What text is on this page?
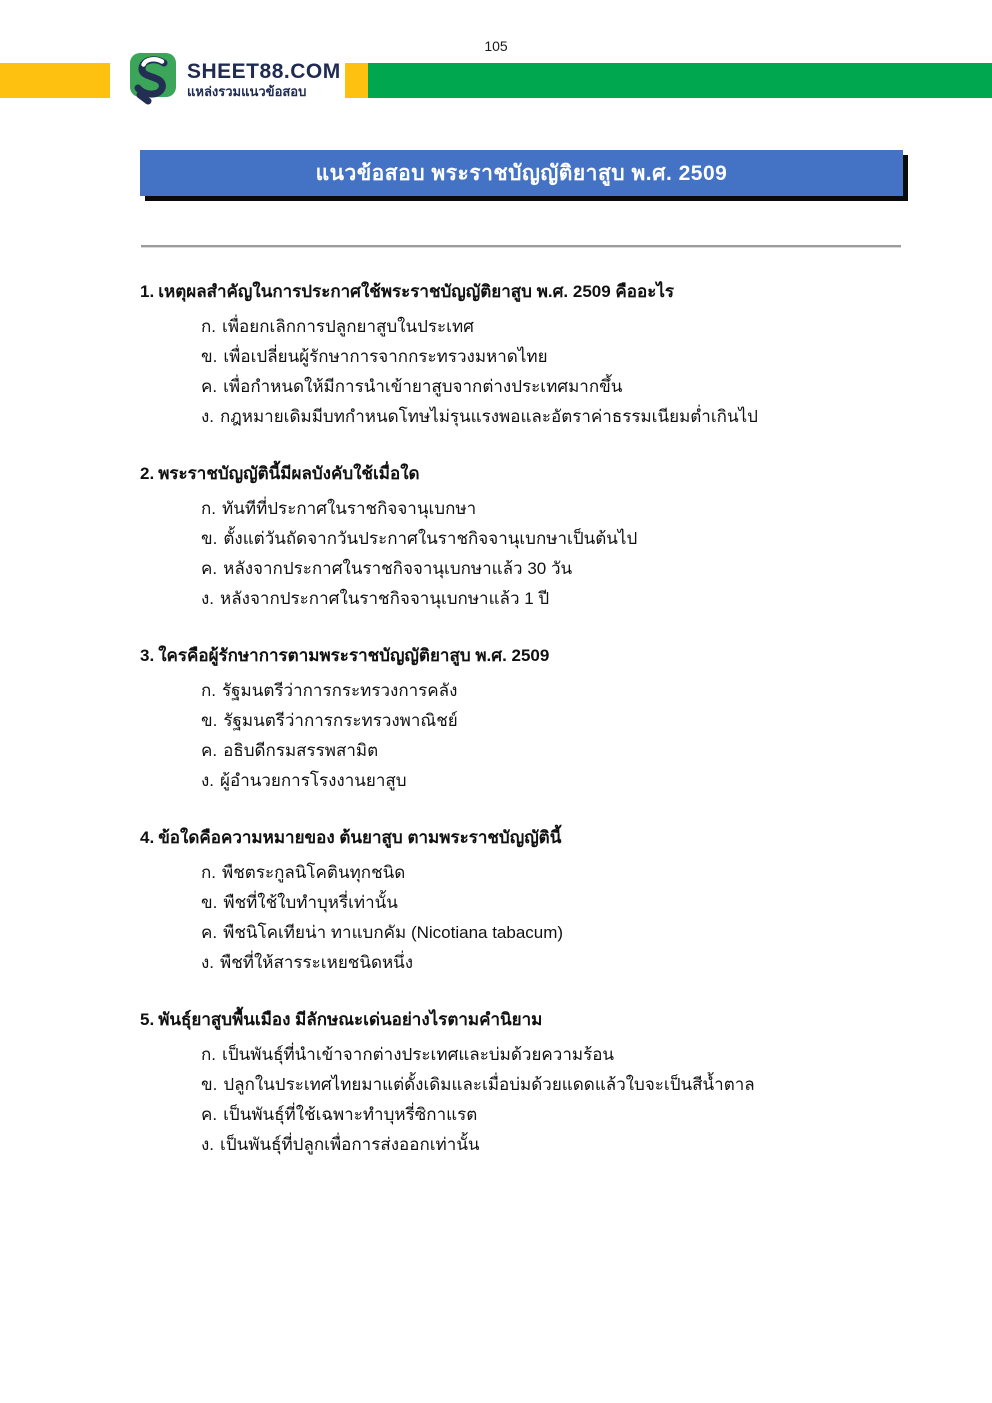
105
SHEET88.COM
แหล่งรวมแนวข้อสอบ
แนวข้อสอบ พระราชบัญญัติยาสูบ พ.ศ. 2509
1. เหตุผลสำคัญในการประกาศใช้พระราชบัญญัติยาสูบ พ.ศ. 2509 คืออะไร
ก. เพื่อยกเลิกการปลูกยาสูบในประเทศ
ข. เพื่อเปลี่ยนผู้รักษาการจากกระทรวงมหาดไทย
ค. เพื่อกำหนดให้มีการนำเข้ายาสูบจากต่างประเทศมากขึ้น
ง. กฎหมายเดิมมีบทกำหนดโทษไม่รุนแรงพอและอัตราค่าธรรมเนียมต่ำเกินไป
2. พระราชบัญญัตินี้มีผลบังคับใช้เมื่อใด
ก. ทันทีที่ประกาศในราชกิจจานุเบกษา
ข. ตั้งแต่วันถัดจากวันประกาศในราชกิจจานุเบกษาเป็นต้นไป
ค. หลังจากประกาศในราชกิจจานุเบกษาแล้ว 30 วัน
ง. หลังจากประกาศในราชกิจจานุเบกษาแล้ว 1 ปี
3. ใครคือผู้รักษาการตามพระราชบัญญัติยาสูบ พ.ศ. 2509
ก. รัฐมนตรีว่าการกระทรวงการคลัง
ข. รัฐมนตรีว่าการกระทรวงพาณิชย์
ค. อธิบดีกรมสรรพสามิต
ง. ผู้อำนวยการโรงงานยาสูบ
4. ข้อใดคือความหมายของ ต้นยาสูบ ตามพระราชบัญญัตินี้
ก. พืชตระกูลนิโคตินทุกชนิด
ข. พืชที่ใช้ใบทำบุหรี่เท่านั้น
ค. พืชนิโคเทียน่า ทาแบกคัม (Nicotiana tabacum)
ง. พืชที่ให้สารระเหยชนิดหนึ่ง
5. พันธุ์ยาสูบพื้นเมือง มีลักษณะเด่นอย่างไรตามคำนิยาม
ก. เป็นพันธุ์ที่นำเข้าจากต่างประเทศและบ่มด้วยความร้อน
ข. ปลูกในประเทศไทยมาแต่ดั้งเดิมและเมื่อบ่มด้วยแดดแล้วใบจะเป็นสีน้ำตาล
ค. เป็นพันธุ์ที่ใช้เฉพาะทำบุหรี่ซิกาแรต
ง. เป็นพันธุ์ที่ปลูกเพื่อการส่งออกเท่านั้น
